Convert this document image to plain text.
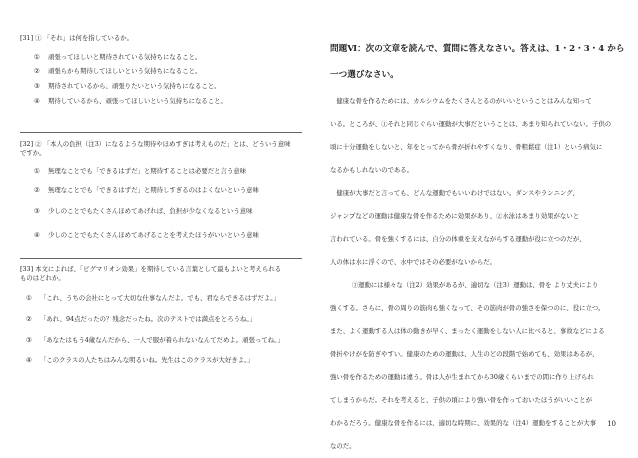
[31] ① 「それ」は何を指しているか。
①	頑張ってほしいと期待されている気持ちになること。
②	頑張らから期待してほしいという気持ちになること。
③	期待されているから、頑張りたいという気持ちになること。
④	期待しているから、頑張ってほしいという気持ちになること。
[32] ② 「本人の負担（注3）になるような期待やほめすぎは考えものだ」とは、どういう意味
ですか。
①	無理なことでも「できるはずだ」と期待することは必要だと言う意味
②	無理なことでも「できるはずだ」と期待しすぎるのはよくないという意味
③	少しのことでもたくさんほめてあげれば、負担が少なくなるという意味
④	少しのことでもたくさんほめてあげることを考えたほうがいいという意味
[33] 本文によれば、「ピグマリオン効果」を期待している言葉として最もよいと考えられる
ものはどれか。
①	「これ、うちの会社にとって大切な仕事なんだよ。でも、君ならできるはずだよ。」
②	「あれ、94点だったの？残念だったね。次のテストでは満点をとろうね。」
③	「あなたはもう4歳なんだから、一人で服が着られないなんてだめよ。頑張ってね。」
④	「このクラスの人たちはみんな明るいね。先生はこのクラスが大好きよ。」
問題Ⅵ：次の文章を読んで、質問に答えなさい。答えは、1・2・3・4 から
一つ選びなさい。
　健康な骨を作るためには、カルシウムをたくさんとるのがいいということはみんな知って
いる。ところが、①それと同じぐらい運動が大事だということは、あまり知られていない。子供の
頃に十分運動をしないと、年をとってから骨が折れやすくなり、骨粗鬆症（注1）という病気に
なるかもしれないのである。
　健康が大事だと言っても、どんな運動でもいいわけではない。ダンスやランニング、
ジャンプなどの運動は健康な骨を作るために効果があり、②水泳はあまり効果がないと
言われている。骨を強くするには、自分の体重を支えながらする運動が役に立つのだが、
人の体は水に浮くので、水中ではその必要がないからだ。
③運動には様々な（注2）効果があるが、適切な（注3）運動は、骨を より丈夫により
強くする。さらに、骨の周りの筋肉も強くなって、その筋肉が骨の強さを保つのに、役に立つ。
また、よく運動する人は体の動きが早く、まったく運動をしない人に比べると、事故などによる
骨折やけがを防ぎやすい。健康のための運動は、人生のどの段階で始めても、効果はあるが、
強い骨を作るための運動は違う。骨は人が生まれてから30歳くらいまでの間に作り上げられ
てしまうからだ。それを考えると、子供の頃により強い骨を作っておいたほうがいいことが
わかるだろう。健康な骨を作るには、適切な時期に、効果的な（注4）運動をすることが大事
なのだ。
10
